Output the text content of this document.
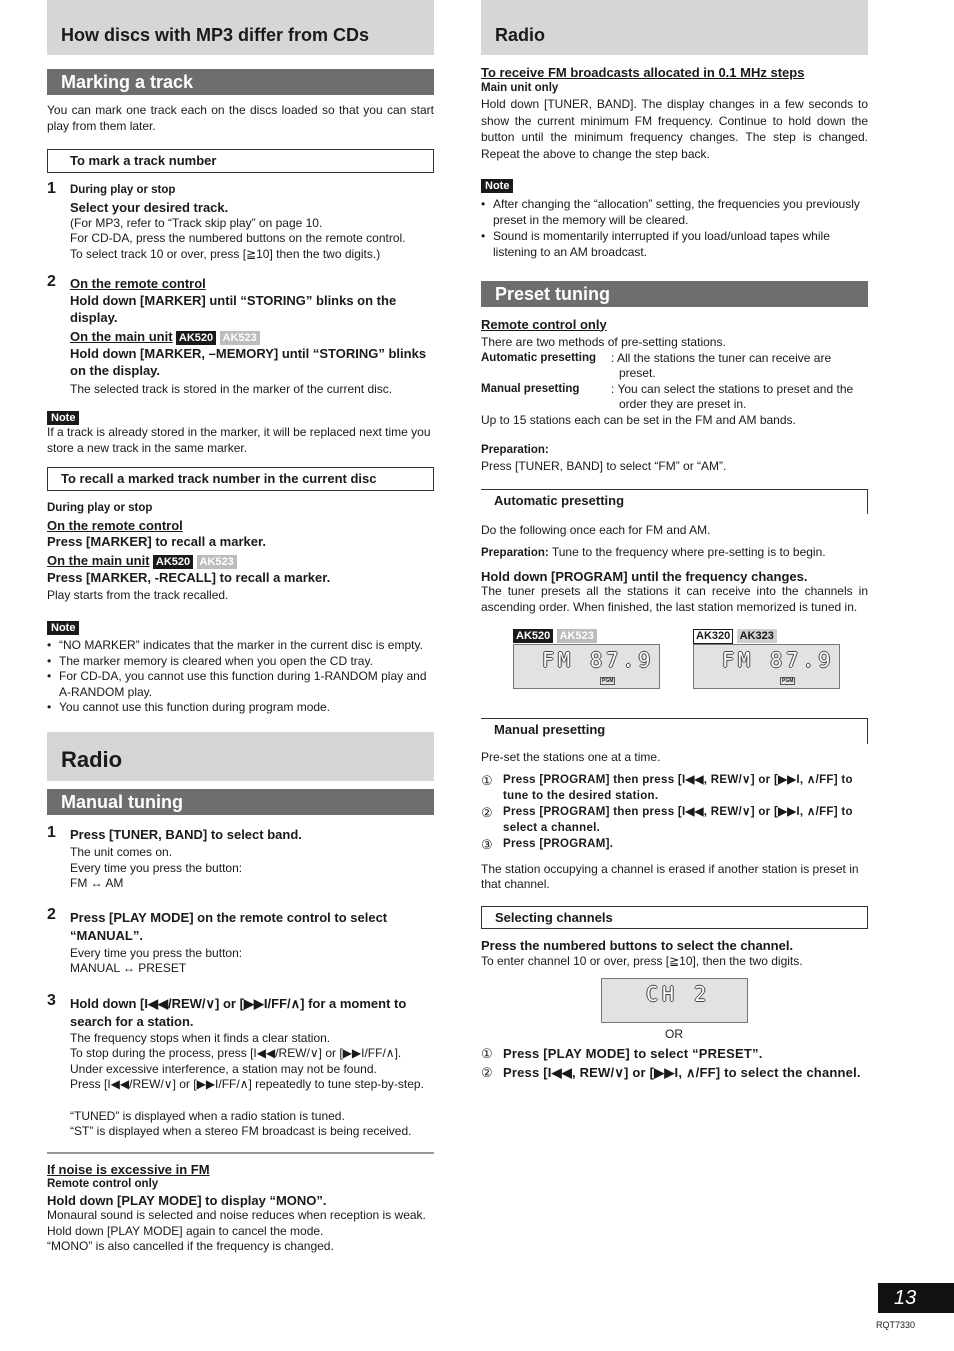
How discs with MP3 differ from CDs
Marking a track

You can mark one track each on the discs loaded so that you can start play from them later.

To mark a track number
1 During play or stop
Select your desired track.
(For MP3, refer to “Track skip play” on page 10.
For CD-DA, press the numbered buttons on the remote control.
To select track 10 or over, press [≧10] then the two digits.)
2 On the remote control
Hold down [MARKER] until “STORING” blinks on the display.
On the main unit AK520 AK523
Hold down [MARKER, –MEMORY] until “STORING” blinks on the display.
The selected track is stored in the marker of the current disc.
Note

If a track is already stored in the marker, it will be replaced next time you store a new track in the same marker.

To recall a marked track number in the current disc
During play or stop
On the remote control
Press [MARKER] to recall a marker.
On the main unit AK520 AK523
Press [MARKER, -RECALL] to recall a marker.
Play starts from the track recalled.
Note
• “NO MARKER” indicates that the marker in the current disc is empty.
• The marker memory is cleared when you open the CD tray.
• For CD-DA, you cannot use this function during 1-RANDOM play and A-RANDOM play.
• You cannot use this function during program mode.
Radio
Manual tuning
1 Press [TUNER, BAND] to select band.
The unit comes on.
Every time you press the button:
FM ↔ AM
2 Press [PLAY MODE] on the remote control to select “MANUAL”.
Every time you press the button:
MANUAL ↔ PRESET
3 Hold down [I◀◀/REW/∨] or [▶▶I/FF/∧] for a moment to search for a station.
The frequency stops when it finds a clear station.
To stop during the process, press [I◀◀/REW/∨] or [▶▶I/FF/∧].
Under excessive interference, a station may not be found.
Press [I◀◀/REW/∨] or [▶▶I/FF/∧] repeatedly to tune step-by-step.
“TUNED” is displayed when a radio station is tuned.
“ST” is displayed when a stereo FM broadcast is being received.
If noise is excessive in FM
Remote control only
Hold down [PLAY MODE] to display “MONO”.
Monaural sound is selected and noise reduces when reception is weak.
Hold down [PLAY MODE] again to cancel the mode.
“MONO” is also cancelled if the frequency is changed.
Radio
To receive FM broadcasts allocated in 0.1 MHz steps
Main unit only

Hold down [TUNER, BAND]. The display changes in a few seconds to show the current minimum FM frequency. Continue to hold down the button until the minimum frequency changes. The step is changed. Repeat the above to change the step back.

Note
• After changing the “allocation” setting, the frequencies you previously preset in the memory will be cleared.
• Sound is momentarily interrupted if you load/unload tapes while listening to an AM broadcast.
Preset tuning
Remote control only
There are two methods of pre-setting stations.
Automatic presetting	: All the stations the tuner can receive are preset.
Manual presetting	: You can select the stations to preset and the order they are preset in.
Up to 15 stations each can be set in the FM and AM bands.
Preparation:
Press [TUNER, BAND] to select “FM” or “AM”.
Automatic presetting
Do the following once each for FM and AM.
Preparation: Tune to the frequency where pre-setting is to begin.
Hold down [PROGRAM] until the frequency changes.

The tuner presets all the stations it can receive into the channels in ascending order. When finished, the last station memorized is tuned in.

AK520 AK523	AK320 AK323
FM 87.9
PGM
FM 87.9
PGM
Manual presetting
Pre-set the stations one at a time.
① Press [PROGRAM] then press [I◀◀, REW/∨] or [▶▶I, ∧/FF] to tune to the desired station.
② Press [PROGRAM] then press [I◀◀, REW/∨] or [▶▶I, ∧/FF] to select a channel.
③ Press [PROGRAM].

The station occupying a channel is erased if another station is preset in that channel.

Selecting channels
Press the numbered buttons to select the channel.
To enter channel 10 or over, press [≧10], then the two digits.
CH 2
OR
① Press [PLAY MODE] to select “PRESET”.
② Press [I◀◀, REW/∨] or [▶▶I, ∧/FF] to select the channel.
13
RQT7330
